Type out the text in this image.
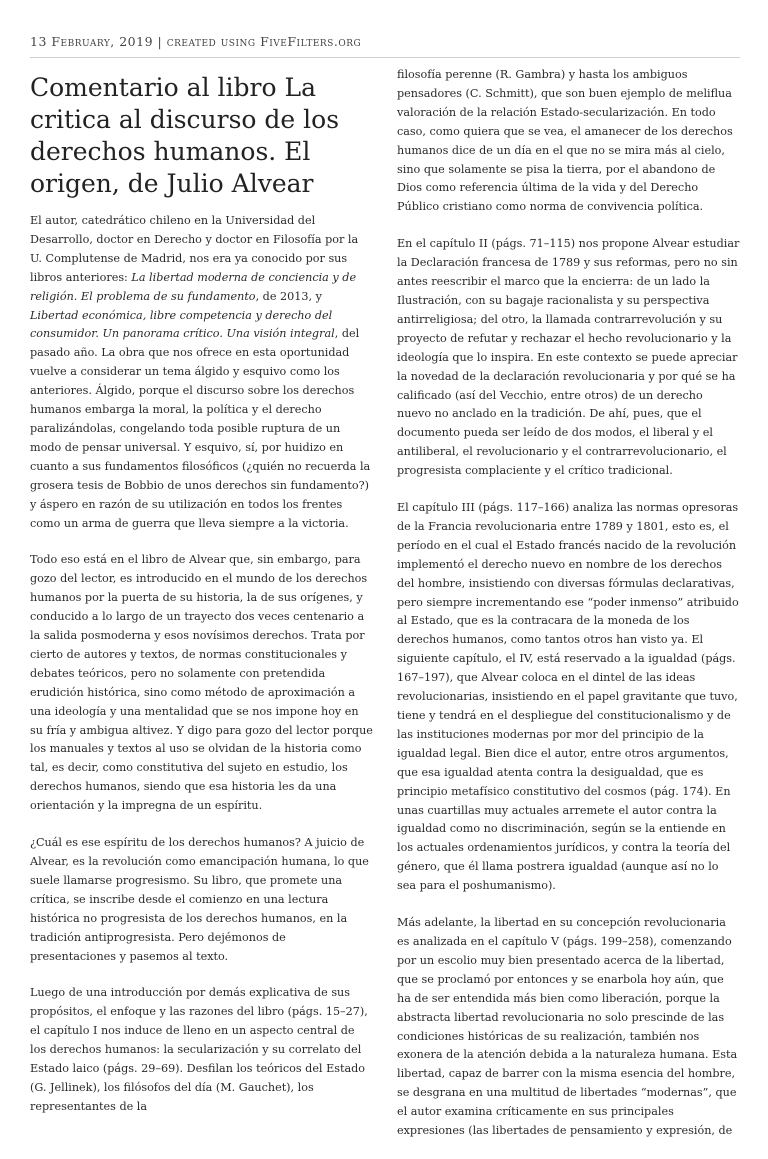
13 February, 2019 | created using FiveFilters.org
Comentario al libro La critica al discurso de los derechos humanos. El origen, de Julio Alvear

El autor, catedrático chileno en la Universidad del Desarrollo, doctor en Derecho y doctor en Filosofía por la U. Complutense de Madrid, nos era ya conocido por sus libros anteriores: La libertad moderna de conciencia y de religión. El problema de su fundamento, de 2013, y Libertad económica, libre competencia y derecho del consumidor. Un panorama crítico. Una visión integral, del pasado año. La obra que nos ofrece en esta oportunidad vuelve a considerar un tema álgido y esquivo como los anteriores. Álgido, porque el discurso sobre los derechos humanos embarga la moral, la política y el derecho paralizándolas, congelando toda posible ruptura de un modo de pensar universal. Y esquivo, sí, por huidizo en cuanto a sus fundamentos filosóficos (¿quién no recuerda la grosera tesis de Bobbio de unos derechos sin fundamento?) y áspero en razón de su utilización en todos los frentes como un arma de guerra que lleva siempre a la victoria.

Todo eso está en el libro de Alvear que, sin embargo, para gozo del lector, es introducido en el mundo de los derechos humanos por la puerta de su historia, la de sus orígenes, y conducido a lo largo de un trayecto dos veces centenario a la salida posmoderna y esos novísimos derechos. Trata por cierto de autores y textos, de normas constitucionales y debates teóricos, pero no solamente con pretendida erudición histórica, sino como método de aproximación a una ideología y una mentalidad que se nos impone hoy en su fría y ambigua altivez. Y digo para gozo del lector porque los manuales y textos al uso se olvidan de la historia como tal, es decir, como constitutiva del sujeto en estudio, los derechos humanos, siendo que esa historia les da una orientación y la impregna de un espíritu.

¿Cuál es ese espíritu de los derechos humanos? A juicio de Alvear, es la revolución como emancipación humana, lo que suele llamarse progresismo. Su libro, que promete una crítica, se inscribe desde el comienzo en una lectura histórica no progresista de los derechos humanos, en la tradición antiprogresista. Pero dejémonos de presentaciones y pasemos al texto.

Luego de una introducción por demás explicativa de sus propósitos, el enfoque y las razones del libro (págs. 15–27), el capítulo I nos induce de lleno en un aspecto central de los derechos humanos: la secularización y su correlato del Estado laico (págs. 29–69). Desfilan los teóricos del Estado (G. Jellinek), los filósofos del día (M. Gauchet), los representantes de la

filosofía perenne (R. Gambra) y hasta los ambiguos pensadores (C. Schmitt), que son buen ejemplo de meliflua valoración de la relación Estado-secularización. En todo caso, como quiera que se vea, el amanecer de los derechos humanos dice de un día en el que no se mira más al cielo, sino que solamente se pisa la tierra, por el abandono de Dios como referencia última de la vida y del Derecho Público cristiano como norma de convivencia política.

En el capítulo II (págs. 71–115) nos propone Alvear estudiar la Declaración francesa de 1789 y sus reformas, pero no sin antes reescribir el marco que la encierra: de un lado la Ilustración, con su bagaje racionalista y su perspectiva antirreligiosa; del otro, la llamada contrarrevolución y su proyecto de refutar y rechazar el hecho revolucionario y la ideología que lo inspira. En este contexto se puede apreciar la novedad de la declaración revolucionaria y por qué se ha calificado (así del Vecchio, entre otros) de un derecho nuevo no anclado en la tradición. De ahí, pues, que el documento pueda ser leído de dos modos, el liberal y el antiliberal, el revolucionario y el contrarrevolucionario, el progresista complaciente y el crítico tradicional.

El capítulo III (págs. 117–166) analiza las normas opresoras de la Francia revolucionaria entre 1789 y 1801, esto es, el período en el cual el Estado francés nacido de la revolución implementó el derecho nuevo en nombre de los derechos del hombre, insistiendo con diversas fórmulas declarativas, pero siempre incrementando ese “poder inmenso” atribuido al Estado, que es la contracara de la moneda de los derechos humanos, como tantos otros han visto ya. El siguiente capítulo, el IV, está reservado a la igualdad (págs. 167–197), que Alvear coloca en el dintel de las ideas revolucionarias, insistiendo en el papel gravitante que tuvo, tiene y tendrá en el despliegue del constitucionalismo y de las instituciones modernas por mor del principio de la igualdad legal. Bien dice el autor, entre otros argumentos, que esa igualdad atenta contra la desigualdad, que es principio metafísico constitutivo del cosmos (pág. 174). En unas cuartillas muy actuales arremete el autor contra la igualdad como no discriminación, según se la entiende en los actuales ordenamientos jurídicos, y contra la teoría del género, que él llama postrera igualdad (aunque así no lo sea para el poshumanismo).

Más adelante, la libertad en su concepción revolucionaria es analizada en el capítulo V (págs. 199–258), comenzando por un escolio muy bien presentado acerca de la libertad, que se proclamó por entonces y se enarbola hoy aún, que ha de ser entendida más bien como liberación, porque la abstracta libertad revolucionaria no solo prescinde de las condiciones históricas de su realización, también nos exonera de la atención debida a la naturaleza humana. Esta libertad, capaz de barrer con la misma esencia del hombre, se desgrana en una multitud de libertades “modernas”, que el autor examina críticamente en sus principales expresiones (las libertades de pensamiento y expresión, de
